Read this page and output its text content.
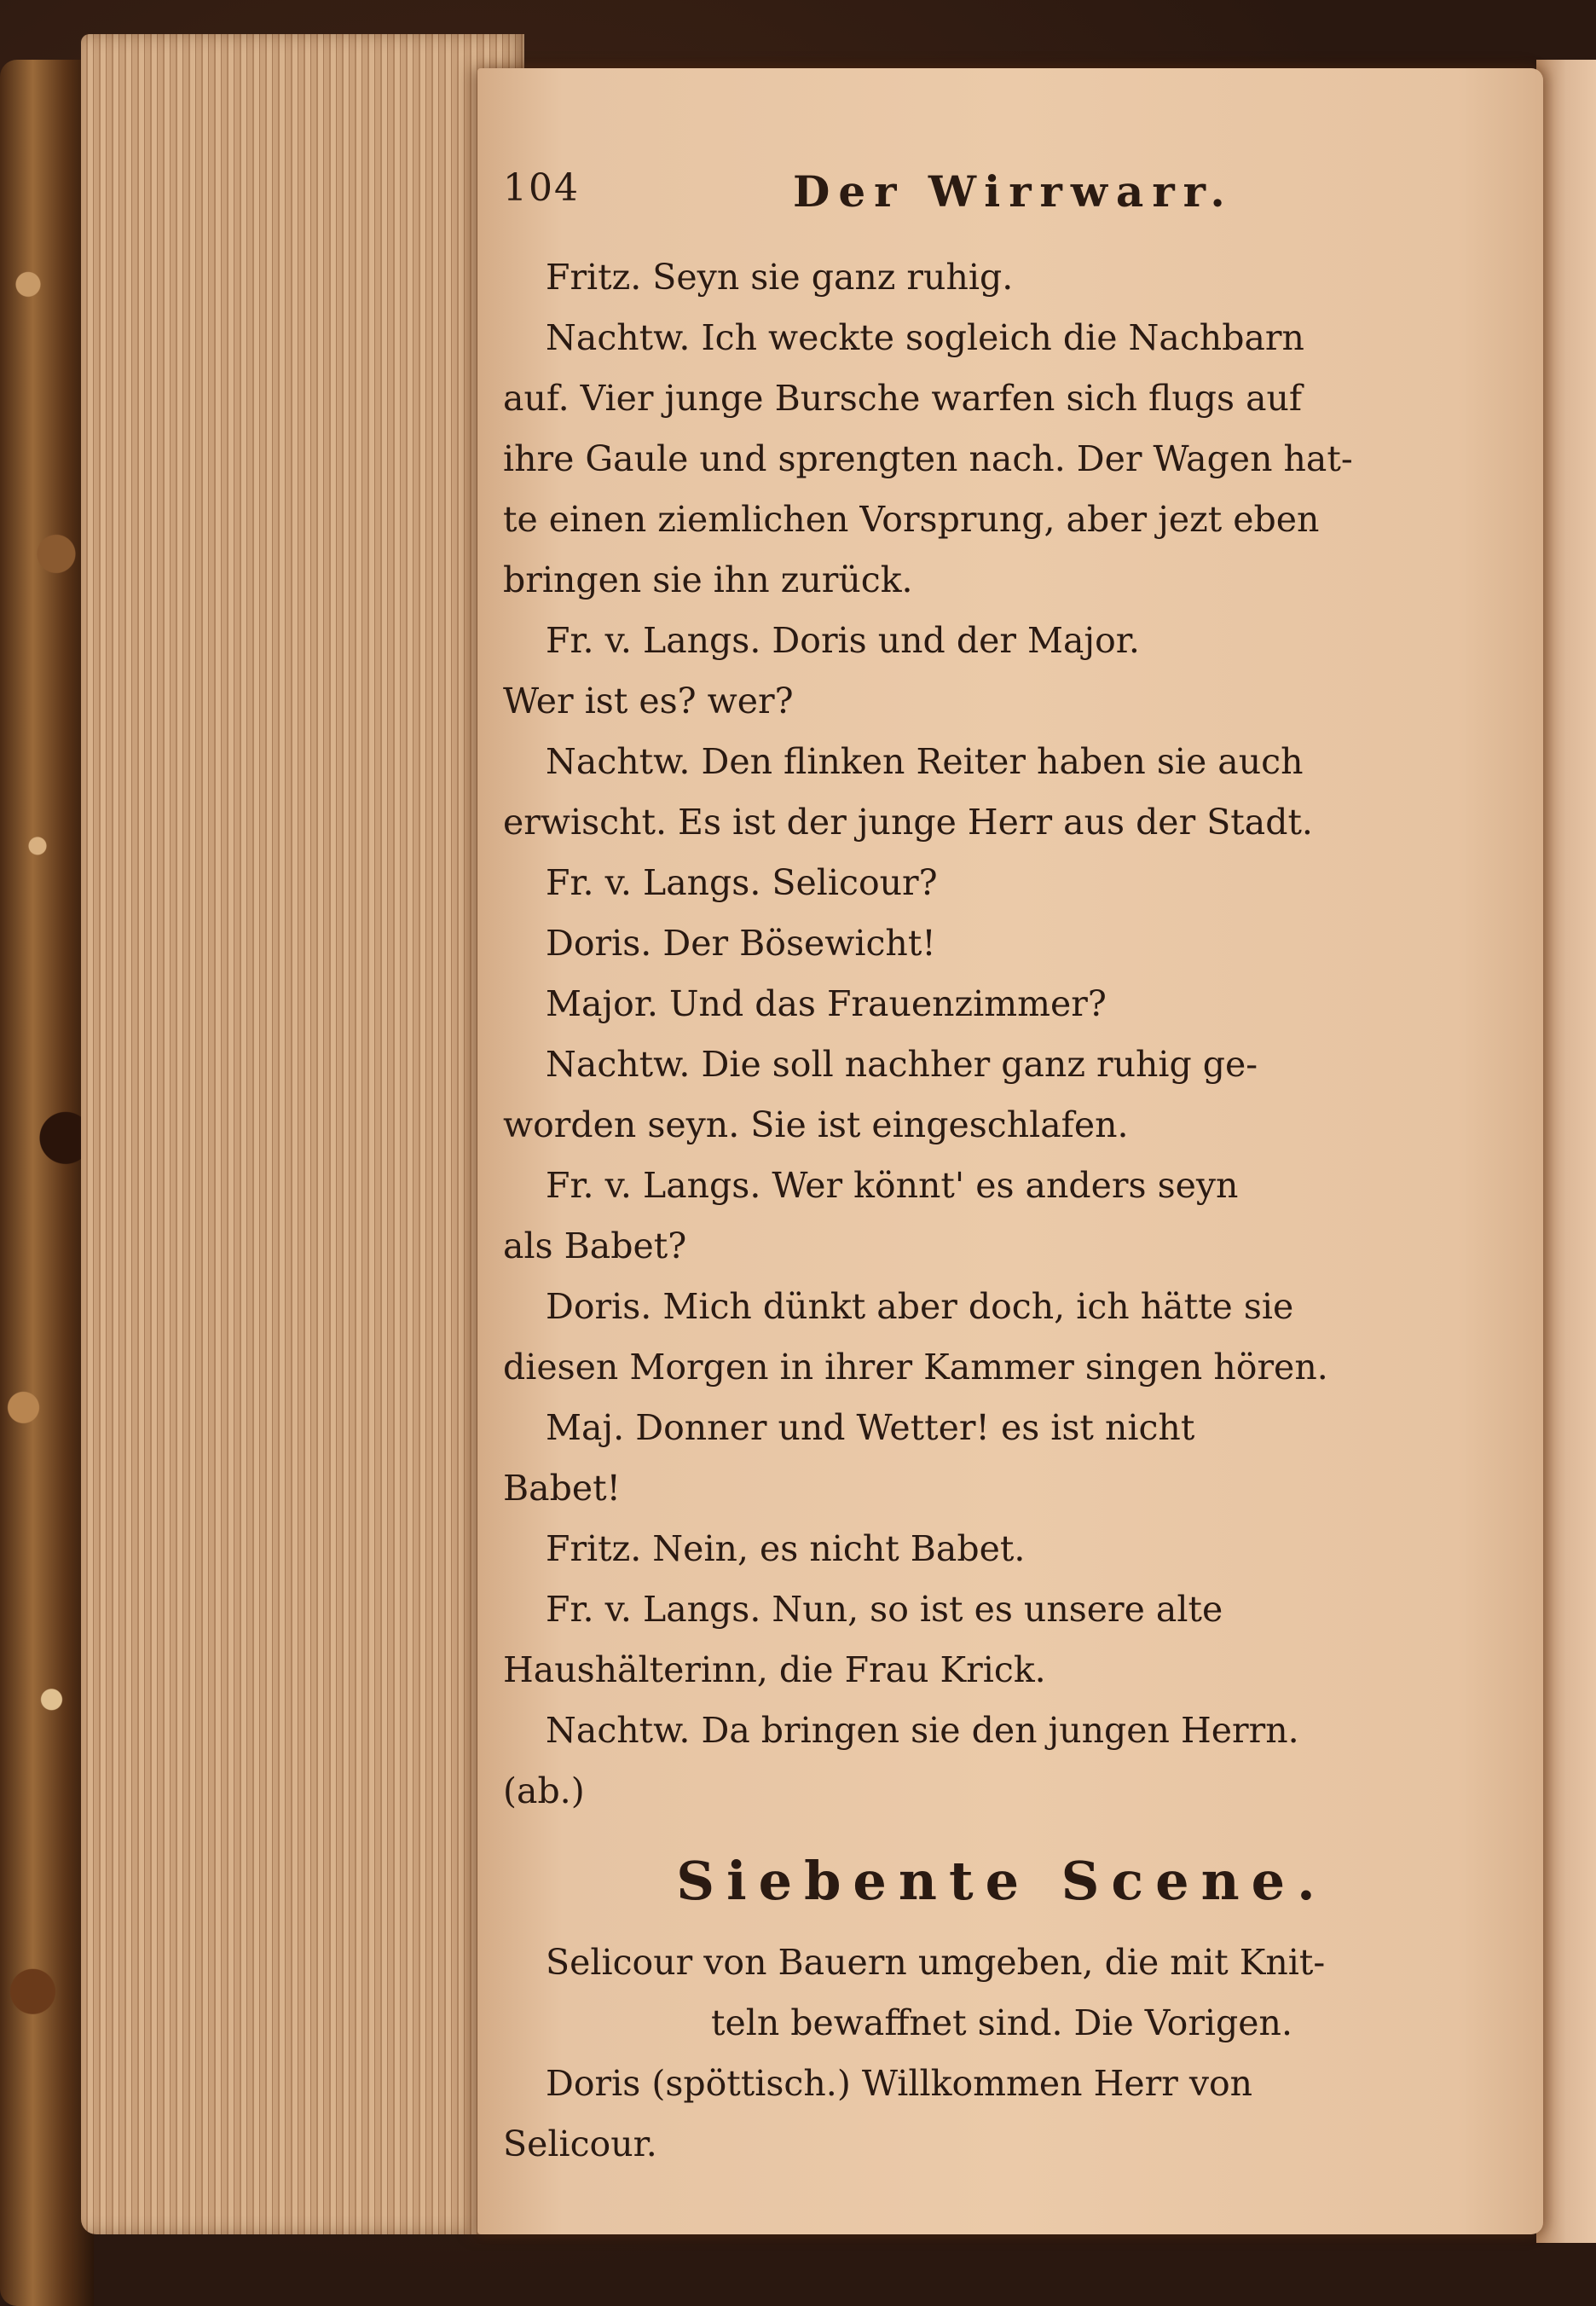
104	Der Wirrwarr.
Fritz. Seyn sie ganz ruhig.
Nachtw. Ich weckte sogleich die Nachbarn
auf. Vier junge Bursche warfen sich flugs auf
ihre Gaule und sprengten nach. Der Wagen hat-
te einen ziemlichen Vorsprung, aber jezt eben
bringen sie ihn zurück.
Fr. v. Langs. Doris und der Major.
Wer ist es? wer?
Nachtw. Den flinken Reiter haben sie auch
erwischt. Es ist der junge Herr aus der Stadt.
Fr. v. Langs. Selicour?
Doris. Der Bösewicht!
Major. Und das Frauenzimmer?
Nachtw. Die soll nachher ganz ruhig ge-
worden seyn. Sie ist eingeschlafen.
Fr. v. Langs. Wer könnt' es anders seyn
als Babet?
Doris. Mich dünkt aber doch, ich hätte sie
diesen Morgen in ihrer Kammer singen hören.
Maj. Donner und Wetter! es ist nicht
Babet!
Fritz. Nein, es nicht Babet.
Fr. v. Langs. Nun, so ist es unsere alte
Haushälterinn, die Frau Krick.
Nachtw. Da bringen sie den jungen Herrn.
(ab.)
Siebente Scene.
Selicour von Bauern umgeben, die mit Knit-
teln bewaffnet sind. Die Vorigen.
Doris (spöttisch.) Willkommen Herr von
Selicour.
